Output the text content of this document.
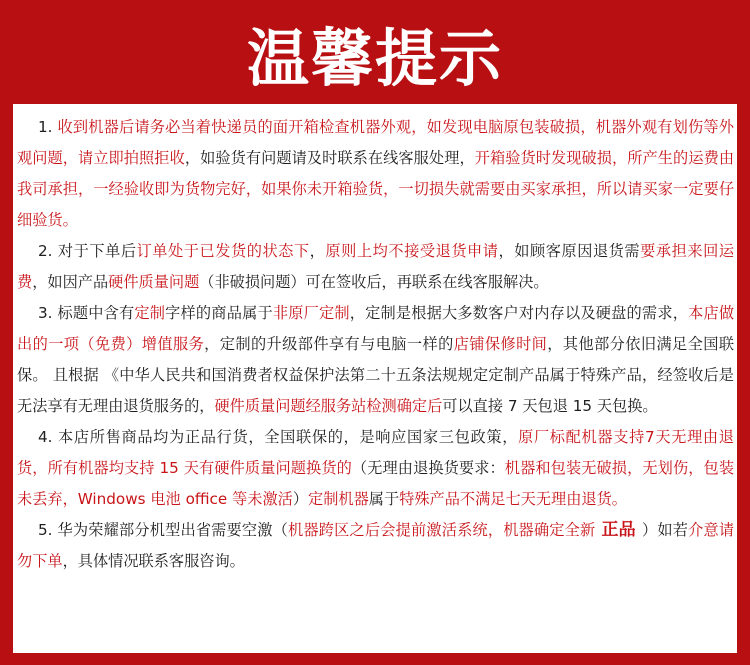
温馨提示

1. 收到机器后请务必当着快递员的面开箱检查机器外观，如发现电脑原包装破损，机器外观有划伤等外观问题，请立即拍照拒收，如验货有问题请及时联系在线客服处理，开箱验货时发现破损，所产生的运费由我司承担，一经验收即为货物完好，如果你未开箱验货，一切损失就需要由买家承担，所以请买家一定要仔细验货。

2. 对于下单后订单处于已发货的状态下，原则上均不接受退货申请，如顾客原因退货需要承担来回运费，如因产品硬件质量问题（非破损问题）可在签收后，再联系在线客服解决。

3. 标题中含有定制字样的商品属于非原厂定制，定制是根据大多数客户对内存以及硬盘的需求，本店做出的一项（免费）增值服务，定制的升级部件享有与电脑一样的店铺保修时间，其他部分依旧满足全国联保。 且根据 《中华人民共和国消费者权益保护法第二十五条法规规定定制产品属于特殊产品，经签收后是无法享有无理由退货服务的，硬件质量问题经服务站检测确定后可以直接 7 天包退 15 天包换。

4. 本店所售商品均为正品行货，全国联保的，是响应国家三包政策，原厂标配机器支持7天无理由退货，所有机器均支持 15 天有硬件质量问题换货的（无理由退换货要求：机器和包装无破损，无划伤，包装未丢弃，Windows 电池 office 等未激活）定制机器属于特殊产品不满足七天无理由退货。

5. 华为荣耀部分机型出省需要空激（机器跨区之后会提前激活系统，机器确定全新 正品 ）如若介意请勿下单，具体情况联系客服咨询。
